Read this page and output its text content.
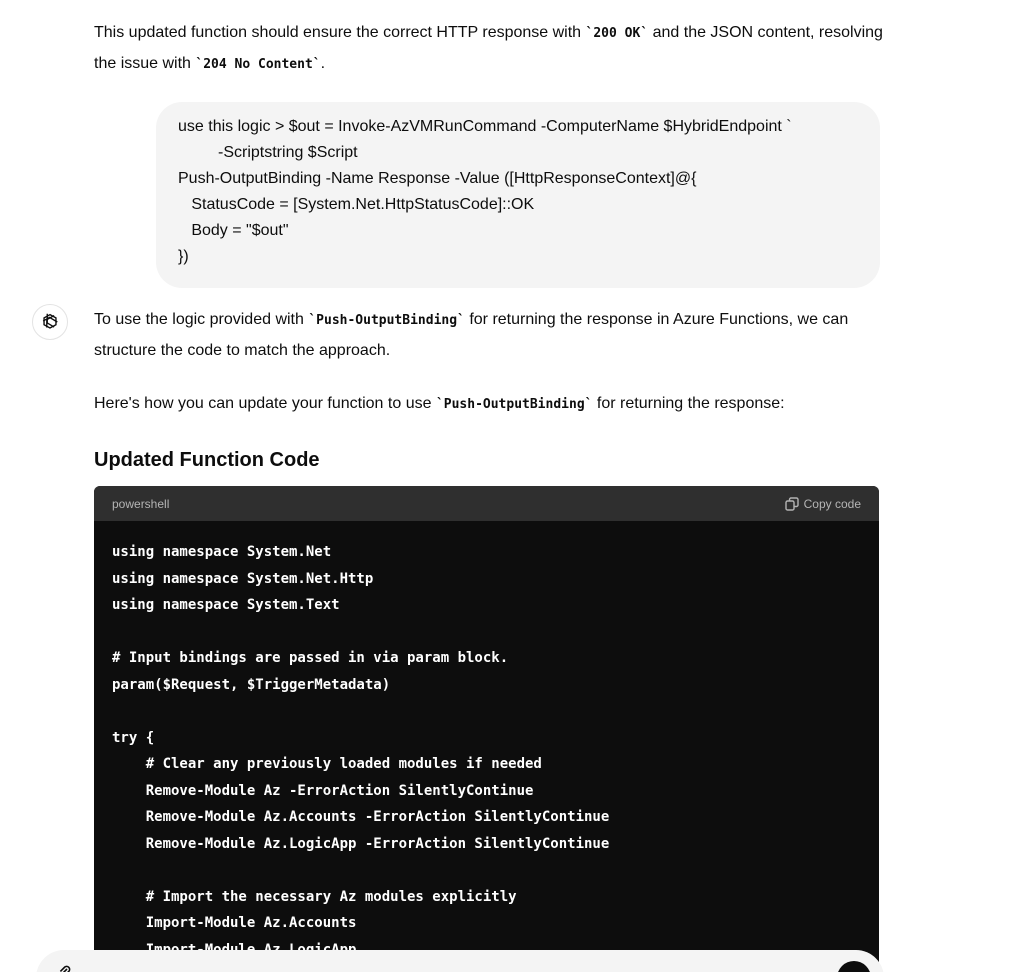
This updated function should ensure the correct HTTP response with `200 OK` and the JSON content, resolving the issue with `204 No Content`.
use this logic > $out = Invoke-AzVMRunCommand -ComputerName $HybridEndpoint `
-Scriptstring $Script
Push-OutputBinding -Name Response -Value ([HttpResponseContext]@{
StatusCode = [System.Net.HttpStatusCode]::OK
Body = "$out"
})
To use the logic provided with `Push-OutputBinding` for returning the response in Azure Functions, we can structure the code to match the approach.
Here's how you can update your function to use `Push-OutputBinding` for returning the response:
Updated Function Code
powershell	Copy code
using namespace System.Net
using namespace System.Net.Http
using namespace System.Text

# Input bindings are passed in via param block.
param($Request, $TriggerMetadata)

try {
# Clear any previously loaded modules if needed
Remove-Module Az -ErrorAction SilentlyContinue
Remove-Module Az.Accounts -ErrorAction SilentlyContinue
Remove-Module Az.LogicApp -ErrorAction SilentlyContinue

# Import the necessary Az modules explicitly
Import-Module Az.Accounts
